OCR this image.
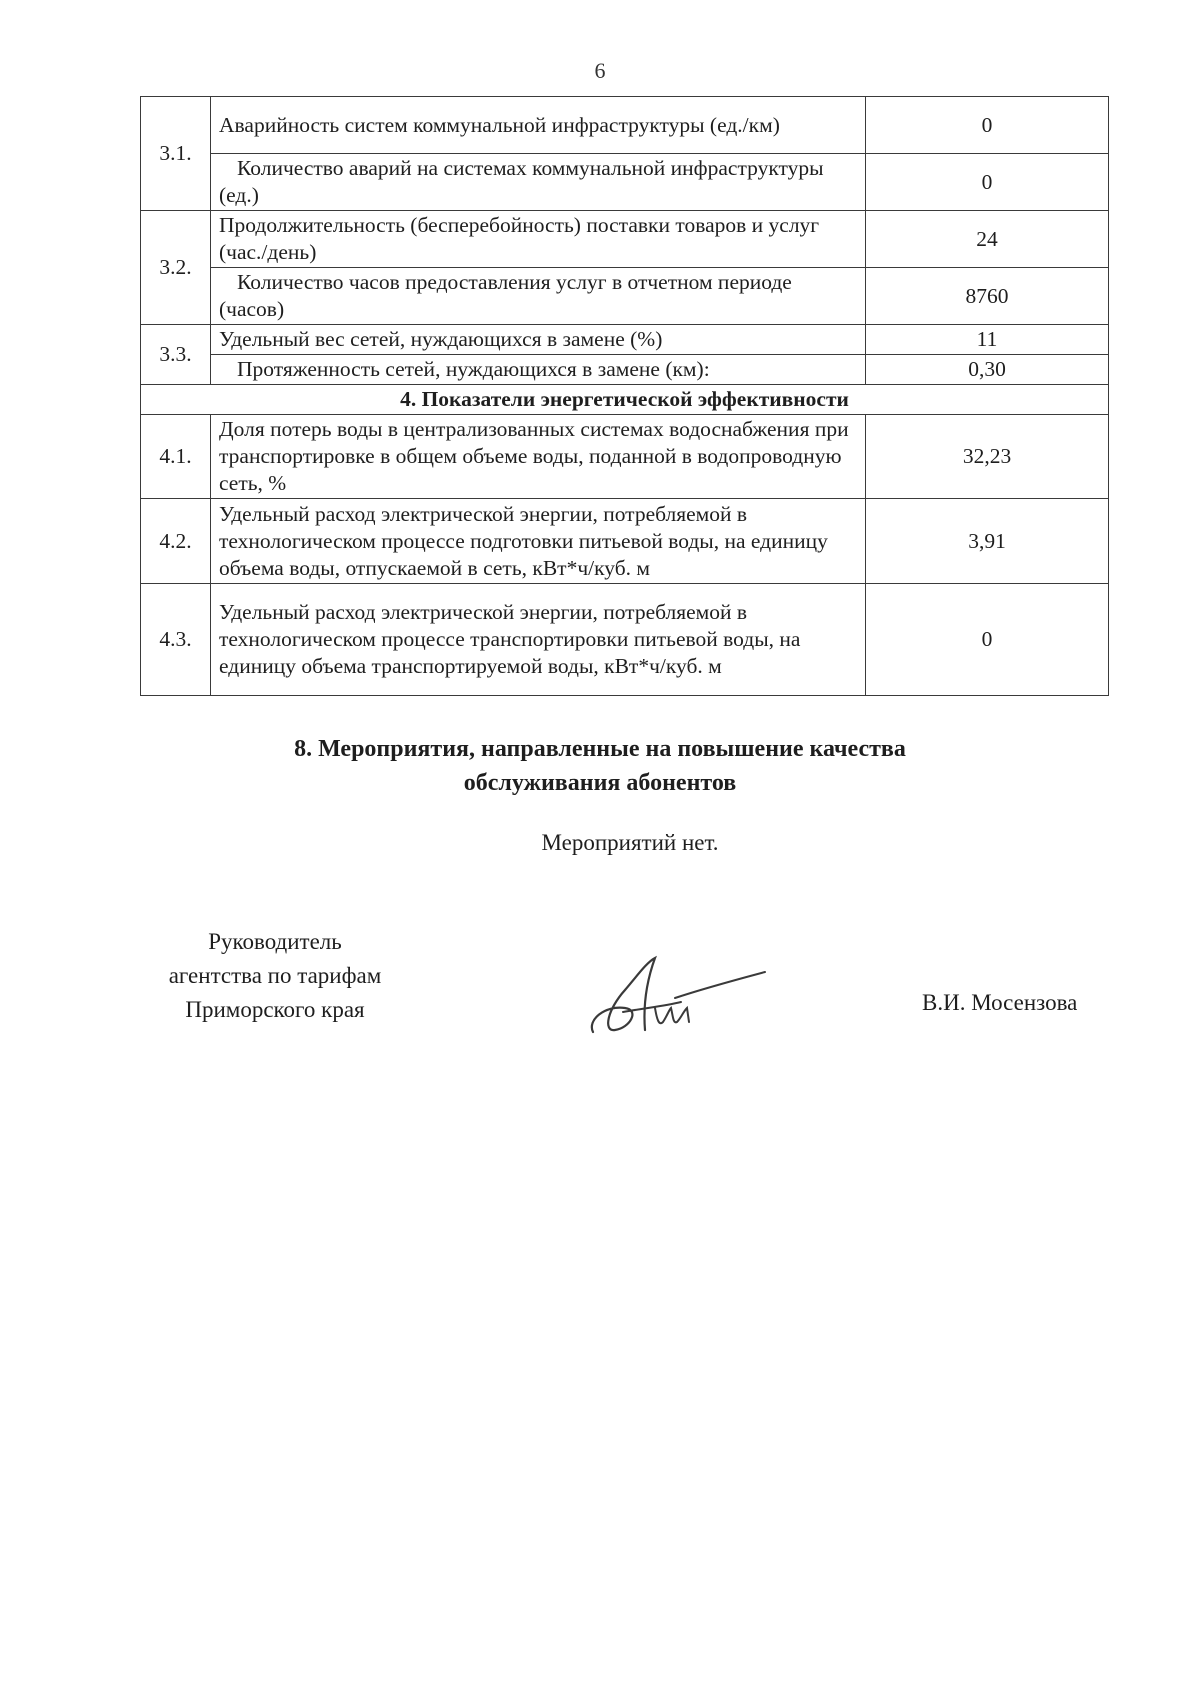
6
3.1.	Аварийность систем коммунальной инфраструктуры (ед./км)	0
	Количество аварий на системах коммунальной инфраструктуры (ед.)	0
3.2.	Продолжительность (бесперебойность) поставки товаров и услуг (час./день)	24
	Количество часов предоставления услуг в отчетном периоде (часов)	8760
3.3.	Удельный вес сетей, нуждающихся в замене (%)	11
	Протяженность сетей, нуждающихся в замене (км):	0,30
4. Показатели энергетической эффективности		
4.1.	Доля потерь воды в централизованных системах водоснабжения при транспортировке в общем объеме воды, поданной в водопроводную сеть, %	32,23
4.2.	Удельный расход электрической энергии, потребляемой в технологическом процессе подготовки питьевой воды, на единицу объема воды, отпускаемой в сеть, кВт*ч/куб. м	3,91
4.3.	Удельный расход электрической энергии, потребляемой в технологическом процессе транспортировки питьевой воды, на единицу объема транспортируемой воды, кВт*ч/куб. м	0
8. Мероприятия, направленные на повышение качества
обслуживания абонентов
Мероприятий нет.
Руководитель
агентства по тарифам
Приморского края	В.И. Мосензова
